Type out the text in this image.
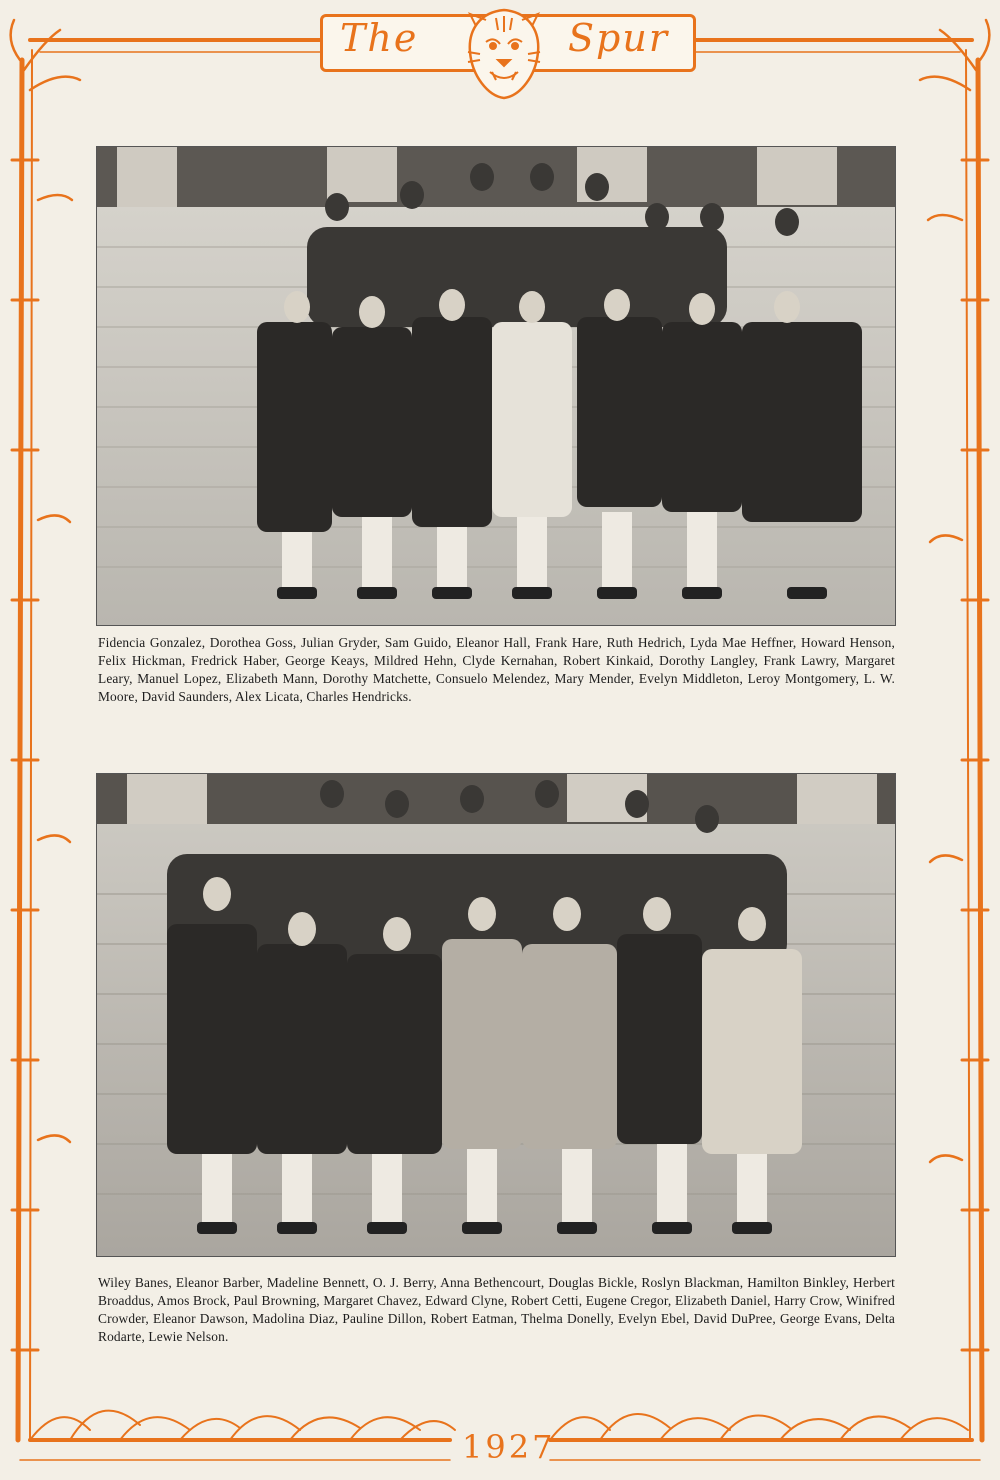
The	Spur
Fidencia Gonzalez, Dorothea Goss, Julian Gryder, Sam Guido, Eleanor Hall, Frank Hare, Ruth Hedrich, Lyda Mae Heffner, Howard Henson, Felix Hickman, Fredrick Haber, George Keays, Mildred Hehn, Clyde Kernahan, Robert Kinkaid, Dorothy Langley, Frank Lawry, Margaret Leary, Manuel Lopez, Elizabeth Mann, Dorothy Matchette, Consuelo Melendez, Mary Mender, Evelyn Middleton, Leroy Montgomery, L. W. Moore, David Saunders, Alex Licata, Charles Hendricks.
Wiley Banes, Eleanor Barber, Madeline Bennett, O. J. Berry, Anna Bethencourt, Douglas Bickle, Roslyn Blackman, Hamilton Binkley, Herbert Broaddus, Amos Brock, Paul Browning, Margaret Chavez, Edward Clyne, Robert Cetti, Eugene Cregor, Elizabeth Daniel, Harry Crow, Winifred Crowder, Eleanor Dawson, Madolina Diaz, Pauline Dillon, Robert Eatman, Thelma Donelly, Evelyn Ebel, David DuPree, George Evans, Delta Rodarte, Lewie Nelson.
1927
